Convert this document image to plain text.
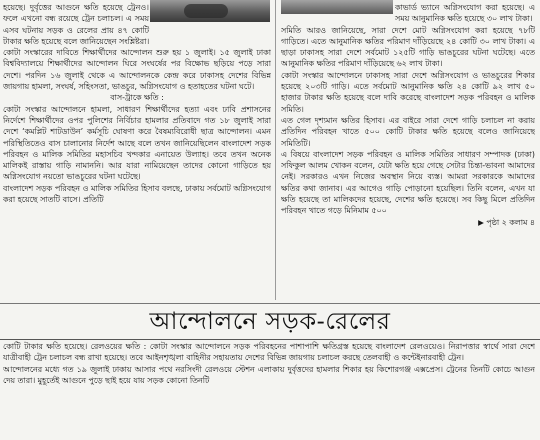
হয়েছে। দুর্বৃত্তের আগুনে ক্ষতি হয়েছে ট্রেনও। ফলে এখনো বন্ধ রয়েছে ট্রেন চলাচল। এ সময় এসব ঘটনায় সড়ক ও রেলের প্রায় ৪৭ কোটি টাকার ক্ষতি হয়েছে বলে জানিয়েছেন সংশ্লিষ্টরা।

কোটা সংস্কারের দাবিতে শিক্ষার্থীদের আন্দোলন শুরু হয় ১ জুলাই। ১৫ জুলাই ঢাকা বিশ্ববিদ্যালয়ে শিক্ষার্থীদের আন্দোলন ঘিরে সংঘর্ষের পর বিক্ষোভ ছড়িয়ে পড়ে সারা দেশে। পরদিন ১৬ জুলাই থেকে এ আন্দোলনকে কেন্দ্র করে ঢাকাসহ দেশের বিভিন্ন জায়গায় হামলা, সংঘর্ষ, সহিংসতা, ভাঙচুর, অগ্নিসংযোগ ও হতাহতের ঘটনা ঘটে।

বাস-ট্রাকে ক্ষতি :

কোটা সংস্কার আন্দোলনে হামলা, সাধারণ শিক্ষার্থীদের হত্যা এবং ঢাবি প্রশাসনের নির্দেশে শিক্ষার্থীদের ওপর পুলিশের নির্বিচার হামলার প্রতিবাদে গত ১৮ জুলাই সারা দেশে ‘কমপ্লিট শাটডাউন’ কর্মসূচি ঘোষণা করে বৈষম্যবিরোধী ছাত্র আন্দোলন। এমন পরিস্থিতিতেও বাস চালানোর নির্দেশ আছে বলে তখন জানিয়েছিলেন বাংলাদেশ সড়ক পরিবহন ও মালিক সমিতির মহাসচিব খন্দকার এনায়েত উল্যাহ। তবে তখন অনেক মালিকই রাস্তায় গাড়ি নামাননি। আর যারা নামিয়েছেন তাদের কোনো গাড়িতে হয় অগ্নিসংযোগ নয়তো ভাঙচুরের ঘটনা ঘটেছে।

বাংলাদেশ সড়ক পরিবহন ও মালিক সমিতির হিসাব বলছে, ঢাকায় সর্বমোট অগ্নিসংযোগ করা হয়েছে সাতটি বাসে। প্রতিটি

কাভার্ড ভ্যানে অগ্নিসংযোগ করা হয়েছে। এ সময় আনুমানিক ক্ষতি হয়েছে ৩০ লাখ টাকা।

সমিতি আরও জানিয়েছে, সারা দেশে মোট অগ্নিসংযোগ করা হয়েছে ৭৮টি গাড়িতে। এতে আনুমানিক ক্ষতির পরিমাণ দাঁড়িয়েছে ২৪ কোটি ৩০ লাখ টাকা। এ ছাড়া ঢাকাসহ সারা দেশে সর্বমোট ১২৫টি গাড়ি ভাঙচুরের ঘটনা ঘটেছে। এতে আনুমানিক ক্ষতির পরিমাণ দাঁড়িয়েছে ৬২ লাখ টাকা।

কোটা সংস্কার আন্দোলনে ঢাকাসহ সারা দেশে অগ্নিসংযোগ ও ভাঙচুরের শিকার হয়েছে ২০৩টি গাড়ি। এতে সর্বমোট আনুমানিক ক্ষতি ২৪ কোটি ৯২ লাখ ৫০ হাজার টাকার ক্ষতি হয়েছে বলে দাবি করেছে বাংলাদেশ সড়ক পরিবহন ও মালিক সমিতি।

এত গেল দৃশ্যমান ক্ষতির হিসাব। এর বাইরে সারা দেশে গাড়ি চলাচল না করায় প্রতিদিন পরিবহন খাতে ৫০০ কোটি টাকার ক্ষতি হয়েছে বলেও জানিয়েছে সমিতিটি।

এ বিষয়ে বাংলাদেশ সড়ক পরিবহন ও মালিক সমিতির সাধারণ সম্পাদক (ঢাকা) সফিকুল আলম খোকন বলেন, যেটা ক্ষতি হয়ে গেছে সেটার চিন্তা-ভাবনা আমাদের নেই। সরকারও এখন নিজের অবস্থান নিয়ে ব্যস্ত। আমরা সরকারকে আমাদের ক্ষতির কথা জানাব। এর আগেও গাড়ি পোড়ানো হয়েছিল। তিনি বলেন, এখন যা ক্ষতি হয়েছে তা মালিকদের হয়েছে, দেশের ক্ষতি হয়েছে। সব কিছু মিলে প্রতিদিন পরিবহন খাতে গড়ে মিনিমাম ৫০০

▶ পৃষ্ঠা ২ কলাম ৪

আন্দোলনে সড়ক-রেলের

কোটি টাকার ক্ষতি হয়েছে। রেলওয়ের ক্ষতি : কোটা সংস্কার আন্দোলনে সড়ক পরিবহনের পাশাপাশি ক্ষতিগ্রস্ত হয়েছে বাংলাদেশ রেলওয়েও। নিরাপত্তার স্বার্থে সারা দেশে যাত্রীবাহী ট্রেন চলাচল বন্ধ রাখা হয়েছে। তবে আইনশৃঙ্খলা বাহিনীর সহায়তায় দেশের বিভিন্ন জায়গায় চলাচল করছে তেলবাহী ও কন্টেইনারবাহী ট্রেন।

আন্দোলনের মধ্যে গত ১৯ জুলাই ঢাকায় আসার পথে নরসিংদী রেলওয়ে স্টেশন এলাকায় দুর্বৃত্তদের হামলার শিকার হয় কিশোরগঞ্জ এক্সপ্রেস। ট্রেনের তিনটি কোচে আগুন দেয় তারা। মুহূর্তেই আগুনে পুড়ে ছাই হয়ে যায় সড়ক কোনো তিনটি
